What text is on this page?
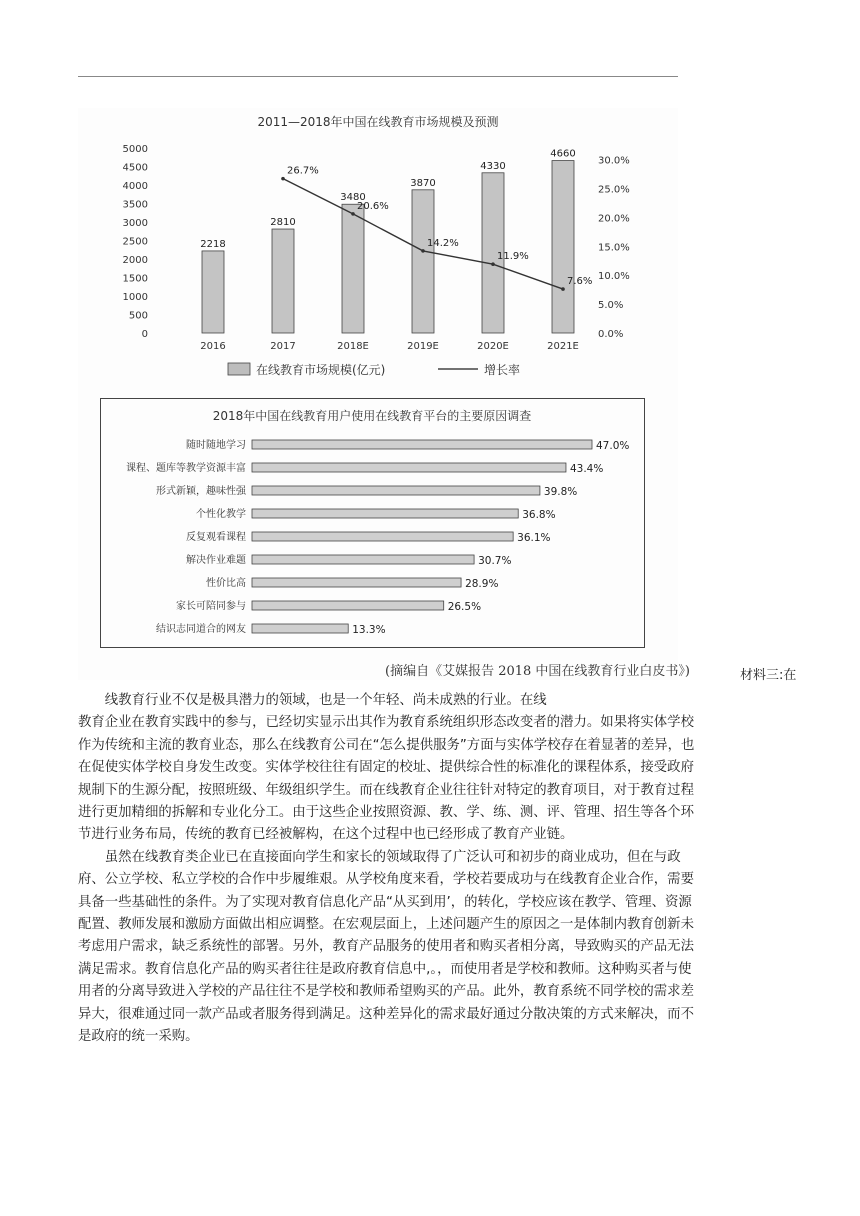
2011—2018年中国在线教育市场规模及预测
5000
4500
4000
3500
3000
2500
2000
1500
1000
500
0
30.0%
25.0%
20.0%
15.0%
10.0%
5.0%
0.0%
2218
2810
3480
3870
4330
4660
26.7%
20.6%
14.2%
11.9%
7.6%
2016	2017	2018E	2019E	2020E	2021E
在线教育市场规模(亿元)	增长率
2018年中国在线教育用户使用在线教育平台的主要原因调查
随时随地学习	47.0%
课程、题库等教学资源丰富	43.4%
形式新颖，趣味性强	39.8%
个性化教学	36.8%
反复观看课程	36.1%
解决作业难题	30.7%
性价比高	28.9%
家长可陪同参与	26.5%
结识志同道合的网友	13.3%
(摘编自《艾媒报告 2018 中国在线教育行业白皮书》)	材料三:在

线教育行业不仅是极具潜力的领域，也是一个年轻、尚未成熟的行业。在线

教育企业在教育实践中的参与，已经切实显示出其作为教育系统组织形态改变者的潜力。如果将实体学校作为传统和主流的教育业态，那么在线教育公司在“怎么提供服务”方面与实体学校存在着显著的差异，也在促使实体学校自身发生改变。实体学校往往有固定的校址、提供综合性的标准化的课程体系，接受政府规制下的生源分配，按照班级、年级组织学生。而在线教育企业往往针对特定的教育项目，对于教育过程进行更加精细的拆解和专业化分工。由于这些企业按照资源、教、学、练、测、评、管理、招生等各个环节进行业务布局，传统的教育已经被解构，在这个过程中也已经形成了教育产业链。

虽然在线教育类企业已在直接面向学生和家长的领域取得了广泛认可和初步的商业成功，但在与政府、公立学校、私立学校的合作中步履维艰。从学校角度来看，学校若要成功与在线教育企业合作，需要具备一些基础性的条件。为了实现对教育信息化产品“从买到用’，的转化，学校应该在教学、管理、资源配置、教师发展和激励方面做出相应调整。在宏观层面上，上述问题产生的原因之一是体制内教育创新未考虑用户需求，缺乏系统性的部署。另外，教育产品服务的使用者和购买者相分离，导致购买的产品无法满足需求。教育信息化产品的购买者往往是政府教育信息中,。，而使用者是学校和教师。这种购买者与使用者的分离导致进入学校的产品往往不是学校和教师希望购买的产品。此外，教育系统不同学校的需求差异大，很难通过同一款产品或者服务得到满足。这种差异化的需求最好通过分散决策的方式来解决，而不是政府的统一采购。
